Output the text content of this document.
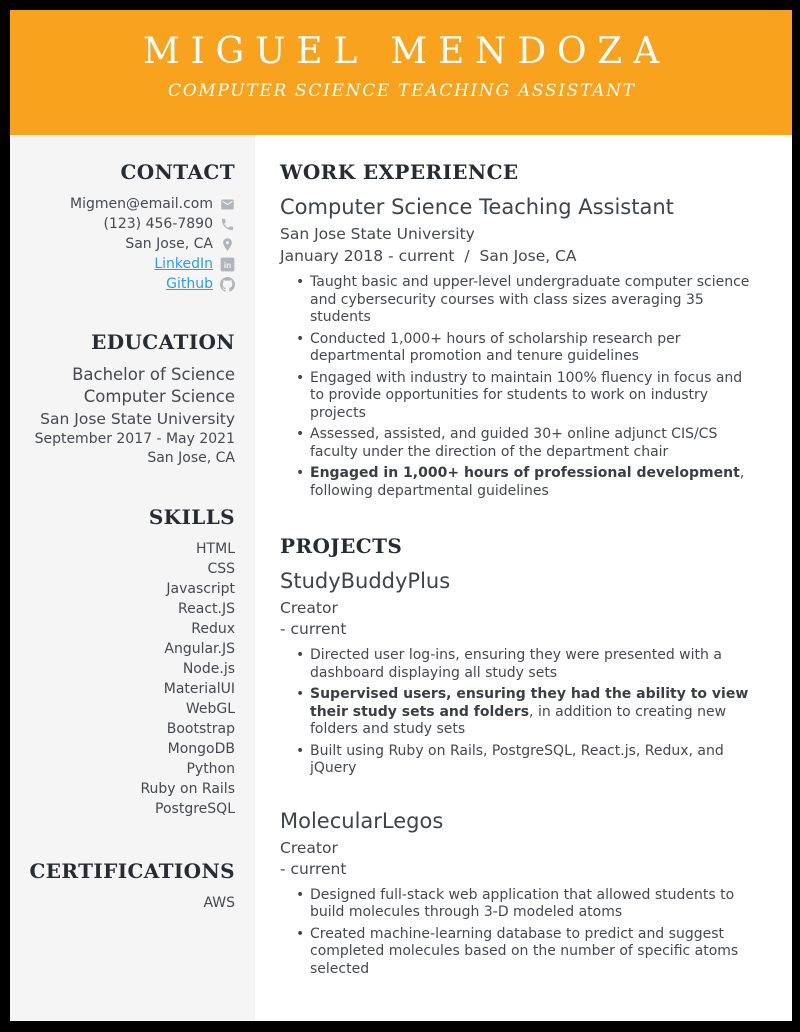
MIGUEL MENDOZA
COMPUTER SCIENCE TEACHING ASSISTANT
CONTACT
Migmen@email.com
(123) 456-7890
San Jose, CA
LinkedIn in
Github
EDUCATION
Bachelor of Science
Computer Science
San Jose State University
September 2017 - May 2021
San Jose, CA
SKILLS
HTML
CSS
Javascript
React.JS
Redux
Angular.JS
Node.js
MaterialUI
WebGL
Bootstrap
MongoDB
Python
Ruby on Rails
PostgreSQL
CERTIFICATIONS
AWS
WORK EXPERIENCE
Computer Science Teaching Assistant
San Jose State University
January 2018 - current / San Jose, CA
• Taught basic and upper-level undergraduate computer science and cybersecurity courses with class sizes averaging 35 students
• Conducted 1,000+ hours of scholarship research per departmental promotion and tenure guidelines
• Engaged with industry to maintain 100% fluency in focus and to provide opportunities for students to work on industry projects
• Assessed, assisted, and guided 30+ online adjunct CIS/CS faculty under the direction of the department chair
• Engaged in 1,000+ hours of professional development, following departmental guidelines
PROJECTS
StudyBuddyPlus
Creator
- current
• Directed user log-ins, ensuring they were presented with a dashboard displaying all study sets
• Supervised users, ensuring they had the ability to view their study sets and folders, in addition to creating new folders and study sets
• Built using Ruby on Rails, PostgreSQL, React.js, Redux, and jQuery
MolecularLegos
Creator
- current
• Designed full-stack web application that allowed students to build molecules through 3-D modeled atoms
• Created machine-learning database to predict and suggest completed molecules based on the number of specific atoms selected
